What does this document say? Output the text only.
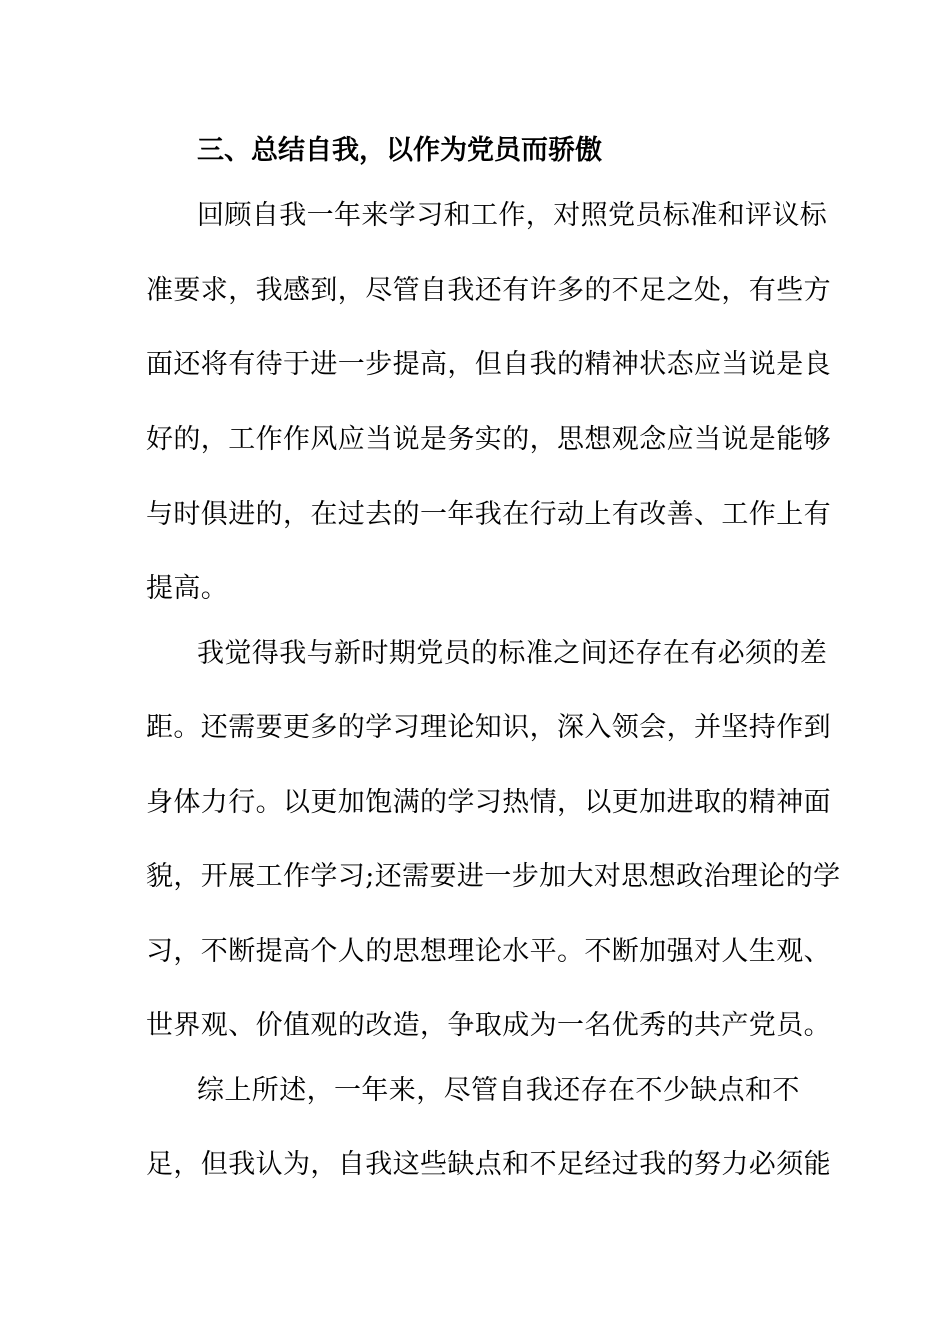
三、总结自我，以作为党员而骄傲
回顾自我一年来学习和工作，对照党员标准和评议标
准要求，我感到，尽管自我还有许多的不足之处，有些方
面还将有待于进一步提高，但自我的精神状态应当说是良
好的，工作作风应当说是务实的，思想观念应当说是能够
与时俱进的，在过去的一年我在行动上有改善、工作上有
提高。
我觉得我与新时期党员的标准之间还存在有必须的差
距。还需要更多的学习理论知识，深入领会，并坚持作到
身体力行。以更加饱满的学习热情，以更加进取的精神面
貌，开展工作学习;还需要进一步加大对思想政治理论的学
习，不断提高个人的思想理论水平。不断加强对人生观、
世界观、价值观的改造，争取成为一名优秀的共产党员。
综上所述，一年来，尽管自我还存在不少缺点和不
足，但我认为，自我这些缺点和不足经过我的努力必须能
